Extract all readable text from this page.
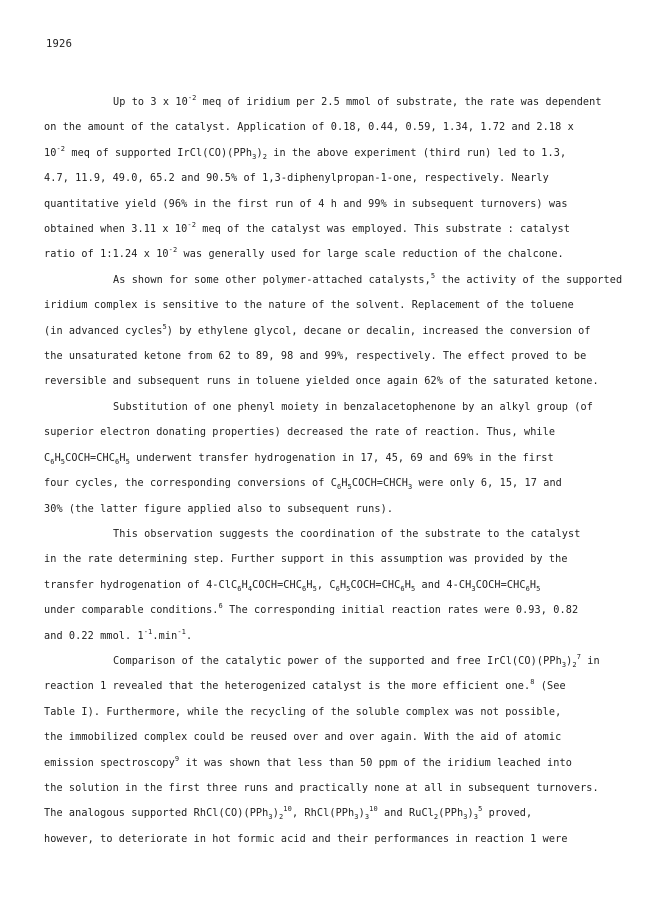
1926
Up to 3 x $10^{-2}$ meq of iridium per 2.5 mmol of substrate, the rate was dependent
on the amount of the catalyst. Application of 0.18, 0.44, 0.59, 1.34, 1.72 and 2.18 x
$10^{-2}$ meq of supported $IrCl(CO)(PPh_3)_2$ in the above experiment (third run) led to 1.3,
4.7, 11.9, 49.0, 65.2 and 90.5% of 1,3-diphenylpropan-1-one, respectively. Nearly
quantitative yield (96% in the first run of 4 h and 99% in subsequent turnovers) was
obtained when 3.11 x $10^{-2}$ meq of the catalyst was employed. This substrate : catalyst
ratio of 1:1.24 x $10^{-2}$ was generally used for large scale reduction of the chalcone.
As shown for some other polymer-attached catalysts,$^5$ the activity of the supported
iridium complex is sensitive to the nature of the solvent. Replacement of the toluene
(in advanced cycles$^5$) by ethylene glycol, decane or decalin, increased the conversion of
the unsaturated ketone from 62 to 89, 98 and 99%, respectively. The effect proved to be
reversible and subsequent runs in toluene yielded once again 62% of the saturated ketone.
Substitution of one phenyl moiety in benzalacetophenone by an alkyl group (of
superior electron donating properties) decreased the rate of reaction. Thus, while
$C_6H_5COCH=CHC_6H_5$ underwent transfer hydrogenation in 17, 45, 69 and 69% in the first
four cycles, the corresponding conversions of $C_6H_5COCH=CHCH_3$ were only 6, 15, 17 and
30% (the latter figure applied also to subsequent runs).
This observation suggests the coordination of the substrate to the catalyst
in the rate determining step. Further support in this assumption was provided by the
transfer hydrogenation of $4-ClC_6H_4COCH=CHC_6H_5$, $C_6H_5COCH=CHC_6H_5$ and $4-CH_3COCH=CHC_6H_5$
under comparable conditions.$^6$ The corresponding initial reaction rates were 0.93, 0.82
and 0.22 mmol. $1^{-1}.\min^{-1}$.
Comparison of the catalytic power of the supported and free $IrCl(CO)(PPh_3)_2^7$ in
reaction 1 revealed that the heterogenized catalyst is the more efficient one.$^8$ (See
Table I). Furthermore, while the recycling of the soluble complex was not possible,
the immobilized complex could be reused over and over again. With the aid of atomic
emission spectroscopy$^9$ it was shown that less than 50 ppm of the iridium leached into
the solution in the first three runs and practically none at all in subsequent turnovers.
The analogous supported $RhCl(CO)(PPh_3)_2^{10}$, $RhCl(PPh_3)_3^{10}$ and $RuCl_2(PPh_3)_3^5$ proved,
however, to deteriorate in hot formic acid and their performances in reaction 1 were
